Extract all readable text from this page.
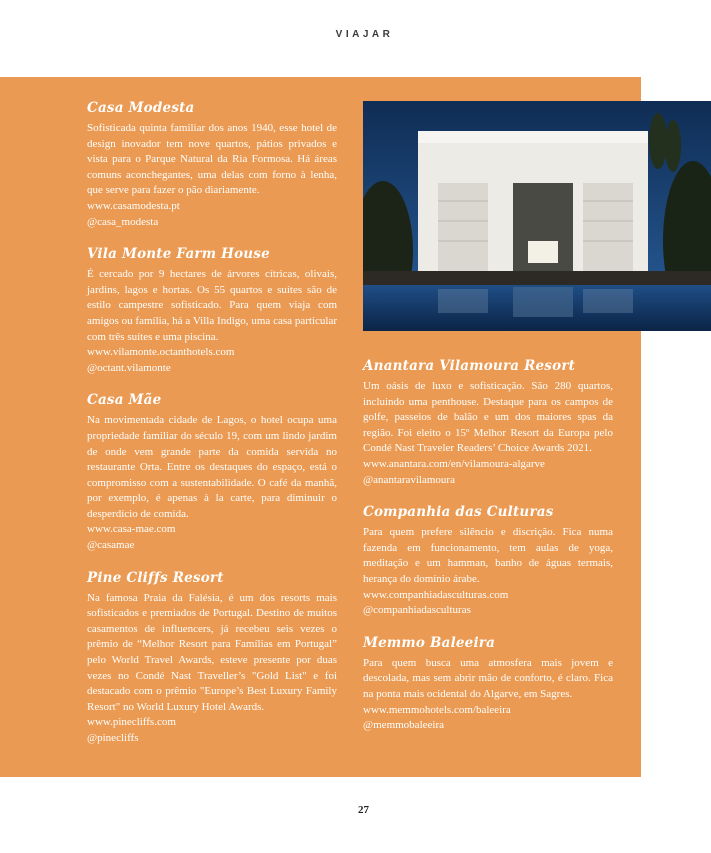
VIAJAR
Casa Modesta
Sofisticada quinta familiar dos anos 1940, esse hotel de design inovador tem nove quartos, pátios privados e vista para o Parque Natural da Ria Formosa. Há áreas comuns aconchegantes, uma delas com forno à lenha, que serve para fazer o pão diariamente.
www.casamodesta.pt
@casa_modesta
Vila Monte Farm House
É cercado por 9 hectares de árvores cítricas, olivais, jardins, lagos e hortas. Os 55 quartos e suítes são de estilo campestre sofisticado. Para quem viaja com amigos ou família, há a Villa Indigo, uma casa particular com três suítes e uma piscina.
www.vilamonte.octanthotels.com
@octant.vilamonte
Casa Mãe
Na movimentada cidade de Lagos, o hotel ocupa uma propriedade familiar do século 19, com um lindo jardim de onde vem grande parte da comida servida no restaurante Orta. Entre os destaques do espaço, está o compromisso com a sustentabilidade. O café da manhã, por exemplo, é apenas à la carte, para diminuir o desperdício de comida.
www.casa-mae.com
@casamae
Pine Cliffs Resort
Na famosa Praia da Falésia, é um dos resorts mais sofisticados e premiados de Portugal. Destino de muitos casamentos de influencers, já recebeu seis vezes o prêmio de “Melhor Resort para Famílias em Portugal” pelo World Travel Awards, esteve presente por duas vezes no Condé Nast Traveller’s "Gold List" e foi destacado com o prêmio "Europe’s Best Luxury Family Resort" no World Luxury Hotel Awards.
www.pinecliffs.com
@pinecliffs
Anantara Vilamoura Resort
Um oásis de luxo e sofisticação. São 280 quartos, incluindo uma penthouse. Destaque para os campos de golfe, passeios de balão e um dos maiores spas da região. Foi eleito o 15º Melhor Resort da Europa pelo Condé Nast Traveler Readers’ Choice Awards 2021.
www.anantara.com/en/vilamoura-algarve
@anantaravilamoura
Companhia das Culturas
Para quem prefere silêncio e discrição. Fica numa fazenda em funcionamento, tem aulas de yoga, meditação e um hamman, banho de águas termais, herança do domínio árabe.
www.companhiadasculturas.com
@companhiadasculturas
Memmo Baleeira
Para quem busca uma atmosfera mais jovem e descolada, mas sem abrir mão de conforto, é claro. Fica na ponta mais ocidental do Algarve, em Sagres.
www.memmohotels.com/baleeira
@memmobaleeira
27
